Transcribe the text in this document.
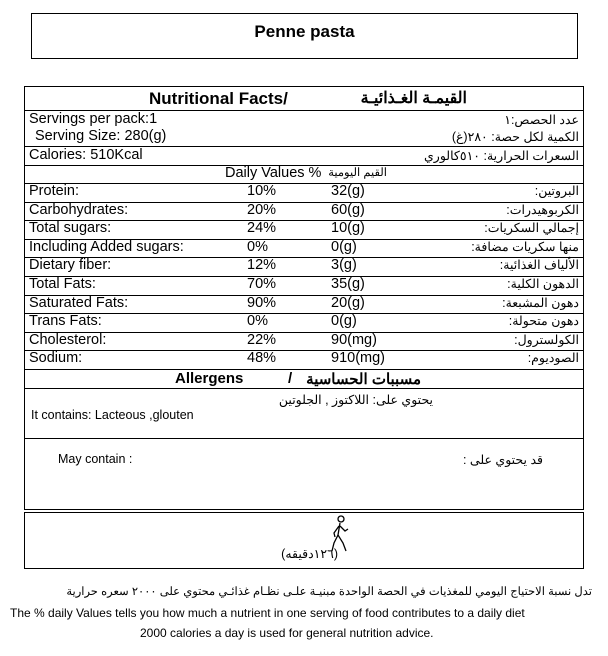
Penne pasta
Nutritional Facts/	القيمـة الغـذائيـة
Servings per pack:1	عدد الحصص:١
Serving Size: 280(g)	الكمية لكل حصة: ٢٨٠(غ)
Calories: 510Kcal	السعرات الحرارية: ٥١٠كالوري
Daily Values % القيم اليومية
Protein:	10%	32(g)	البروتين:
Carbohydrates:	20%	60(g)	الكربوهيدرات:
Total sugars:	24%	10(g)	إجمالي السكريات:
Including Added sugars:	0%	0(g)	منها سكريات مضافة:
Dietary fiber:	12%	3(g)	الألياف الغذائية:
Total Fats:	70%	35(g)	الدهون الكلية:
Saturated Fats:	90%	20(g)	دهون المشبعة:
Trans Fats:	0%	0(g)	دهون متحولة:
Cholesterol:	22%	90(mg)	الكولسترول:
Sodium:	48%	910(mg)	الصوديوم:
Allergens	/ مسببات الحساسية
يحتوي على: اللاكتوز , الجلوتين
It contains: Lacteous ,glouten
May contain :	قد يحتوي على :
(١٢٦دقيقه)
تدل نسبة الاحتياج اليومي للمغذيات في الحصة الواحدة مبنيـة علـى نظـام غذائـي محتوي على ٢٠٠٠ سعره حرارية
The % daily Values tells you how much a nutrient in one serving of food contributes to a daily diet
2000 calories a day is used for general nutrition advice.
